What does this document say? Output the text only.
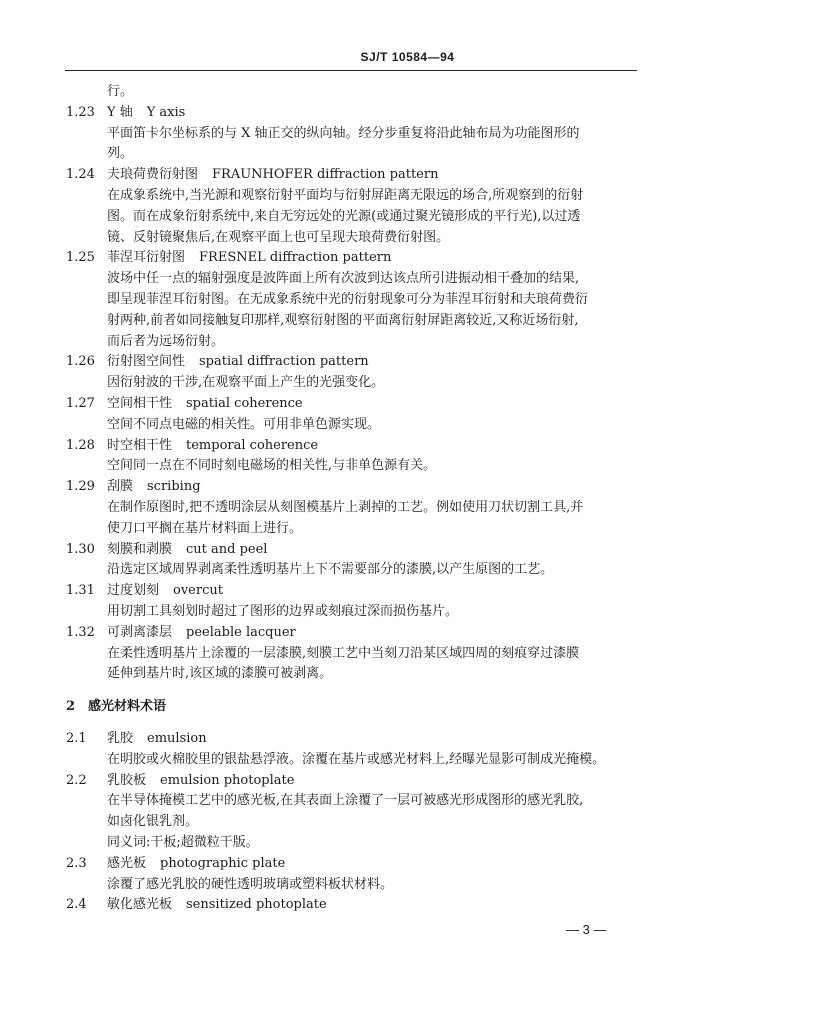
SJ/T 10584—94
行。
1.23 Y 轴 Y axis
平面笛卡尔坐标系的与 X 轴正交的纵向轴。经分步重复将沿此轴布局为功能图形的
列。
1.24 夫琅荷费衍射图 FRAUNHOFER diffraction pattern
在成象系统中,当光源和观察衍射平面均与衍射屏距离无限远的场合,所观察到的衍射
图。而在成象衍射系统中,来自无穷远处的光源(或通过聚光镜形成的平行光),以过透
镜、反射镜聚焦后,在观察平面上也可呈现夫琅荷费衍射图。
1.25 菲涅耳衍射图 FRESNEL diffraction pattern
波场中任一点的辐射强度是波阵面上所有次波到达该点所引进振动相干叠加的结果,
即呈现菲涅耳衍射图。在无成象系统中光的衍射现象可分为菲涅耳衍射和夫琅荷费衍
射两种,前者如同接触复印那样,观察衍射图的平面离衍射屏距离较近,又称近场衍射,
而后者为远场衍射。
1.26 衍射图空间性 spatial diffraction pattern
因衍射波的干涉,在观察平面上产生的光强变化。
1.27 空间相干性 spatial coherence
空间不同点电磁的相关性。可用非单色源实现。
1.28 时空相干性 temporal coherence
空间同一点在不同时刻电磁场的相关性,与非单色源有关。
1.29 刮膜 scribing
在制作原图时,把不透明涂层从刻图模基片上剥掉的工艺。例如使用刀状切割工具,并
使刀口平搁在基片材料面上进行。
1.30 刻膜和剥膜 cut and peel
沿选定区域周界剥离柔性透明基片上下不需要部分的漆膜,以产生原图的工艺。
1.31 过度划刻 overcut
用切割工具刻划时超过了图形的边界或刻痕过深而损伤基片。
1.32 可剥离漆层 peelable lacquer
在柔性透明基片上涂覆的一层漆膜,刻膜工艺中当刻刀沿某区域四周的刻痕穿过漆膜
延伸到基片时,该区域的漆膜可被剥离。
2 感光材料术语
2.1 乳胶 emulsion
在明胶或火棉胶里的银盐悬浮液。涂覆在基片或感光材料上,经曝光显影可制成光掩模。
2.2 乳胶板 emulsion photoplate
在半导体掩模工艺中的感光板,在其表面上涂覆了一层可被感光形成图形的感光乳胶,
如卤化银乳剂。
同义词:干板;超微粒干版。
2.3 感光板 photographic plate
涂覆了感光乳胶的硬性透明玻璃或塑料板状材料。
2.4 敏化感光板 sensitized photoplate
— 3 —
